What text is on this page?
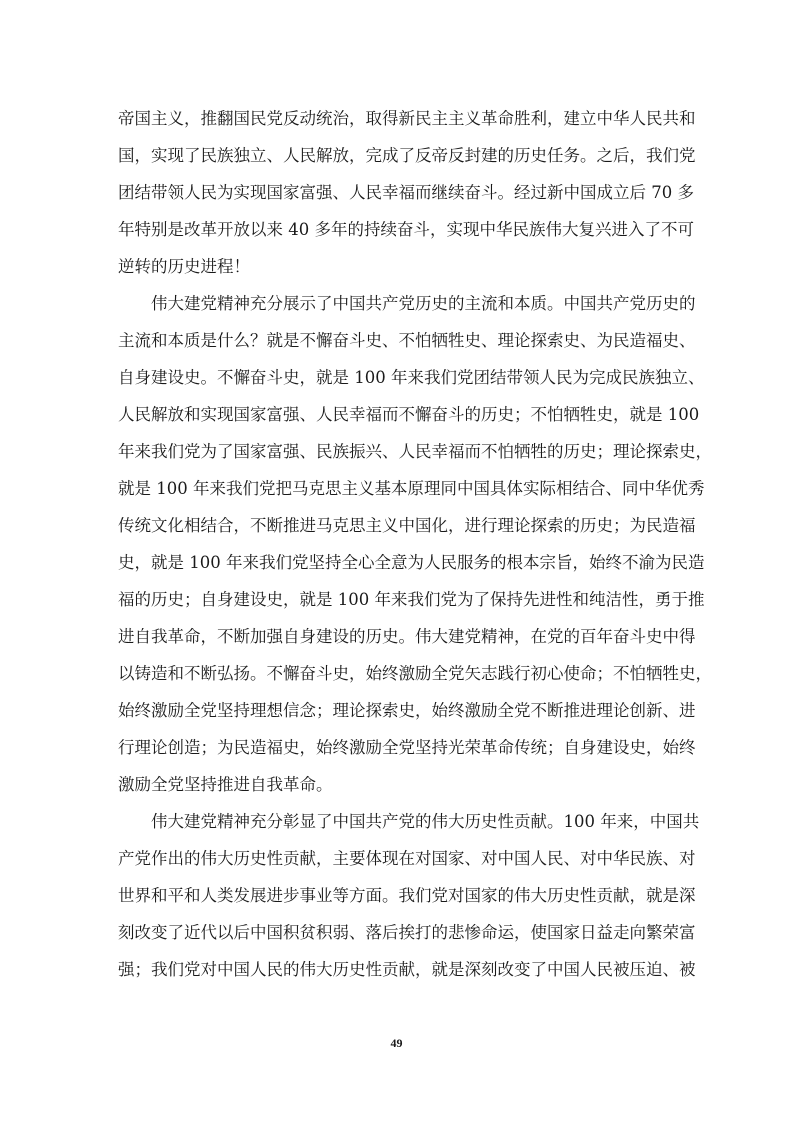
帝国主义，推翻国民党反动统治，取得新民主主义革命胜利，建立中华人民共和
国，实现了民族独立、人民解放，完成了反帝反封建的历史任务。之后，我们党
团结带领人民为实现国家富强、人民幸福而继续奋斗。经过新中国成立后 70 多
年特别是改革开放以来 40 多年的持续奋斗，实现中华民族伟大复兴进入了不可
逆转的历史进程！
伟大建党精神充分展示了中国共产党历史的主流和本质。中国共产党历史的
主流和本质是什么？就是不懈奋斗史、不怕牺牲史、理论探索史、为民造福史、
自身建设史。不懈奋斗史，就是 100 年来我们党团结带领人民为完成民族独立、
人民解放和实现国家富强、人民幸福而不懈奋斗的历史；不怕牺牲史，就是 100
年来我们党为了国家富强、民族振兴、人民幸福而不怕牺牲的历史；理论探索史，
就是 100 年来我们党把马克思主义基本原理同中国具体实际相结合、同中华优秀
传统文化相结合，不断推进马克思主义中国化，进行理论探索的历史；为民造福
史，就是 100 年来我们党坚持全心全意为人民服务的根本宗旨，始终不渝为民造
福的历史；自身建设史，就是 100 年来我们党为了保持先进性和纯洁性，勇于推
进自我革命，不断加强自身建设的历史。伟大建党精神，在党的百年奋斗史中得
以铸造和不断弘扬。不懈奋斗史，始终激励全党矢志践行初心使命；不怕牺牲史，
始终激励全党坚持理想信念；理论探索史，始终激励全党不断推进理论创新、进
行理论创造；为民造福史，始终激励全党坚持光荣革命传统；自身建设史，始终
激励全党坚持推进自我革命。
伟大建党精神充分彰显了中国共产党的伟大历史性贡献。100 年来，中国共
产党作出的伟大历史性贡献，主要体现在对国家、对中国人民、对中华民族、对
世界和平和人类发展进步事业等方面。我们党对国家的伟大历史性贡献，就是深
刻改变了近代以后中国积贫积弱、落后挨打的悲惨命运，使国家日益走向繁荣富
强；我们党对中国人民的伟大历史性贡献，就是深刻改变了中国人民被压迫、被
49
